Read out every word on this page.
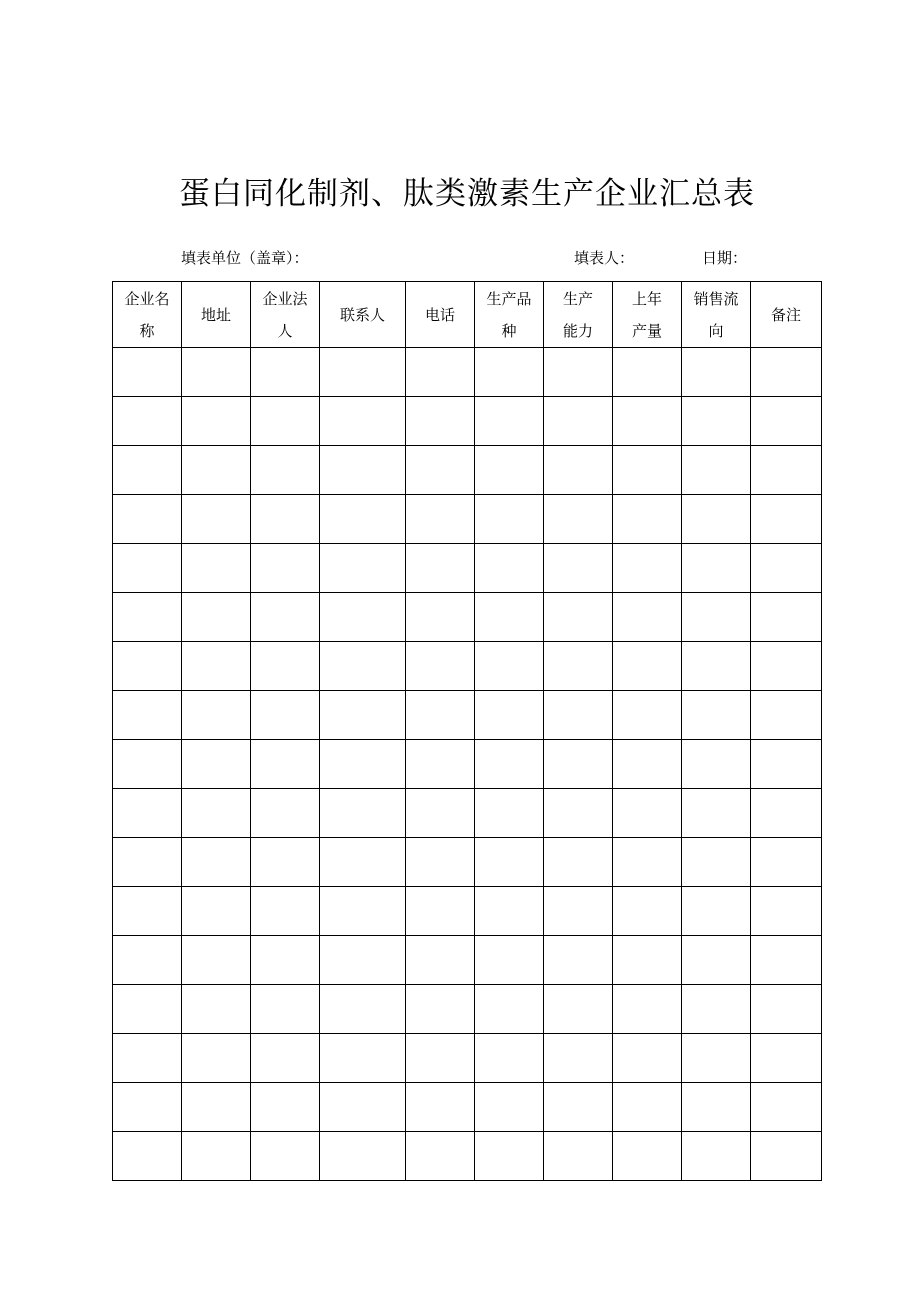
蛋白同化制剂、肽类激素生产企业汇总表
填表单位（盖章）：	填表人：	日期：
企业名称	地址	企业法人	联系人	电话	生产品种	生产能力	上年产量	销售流向	备注
